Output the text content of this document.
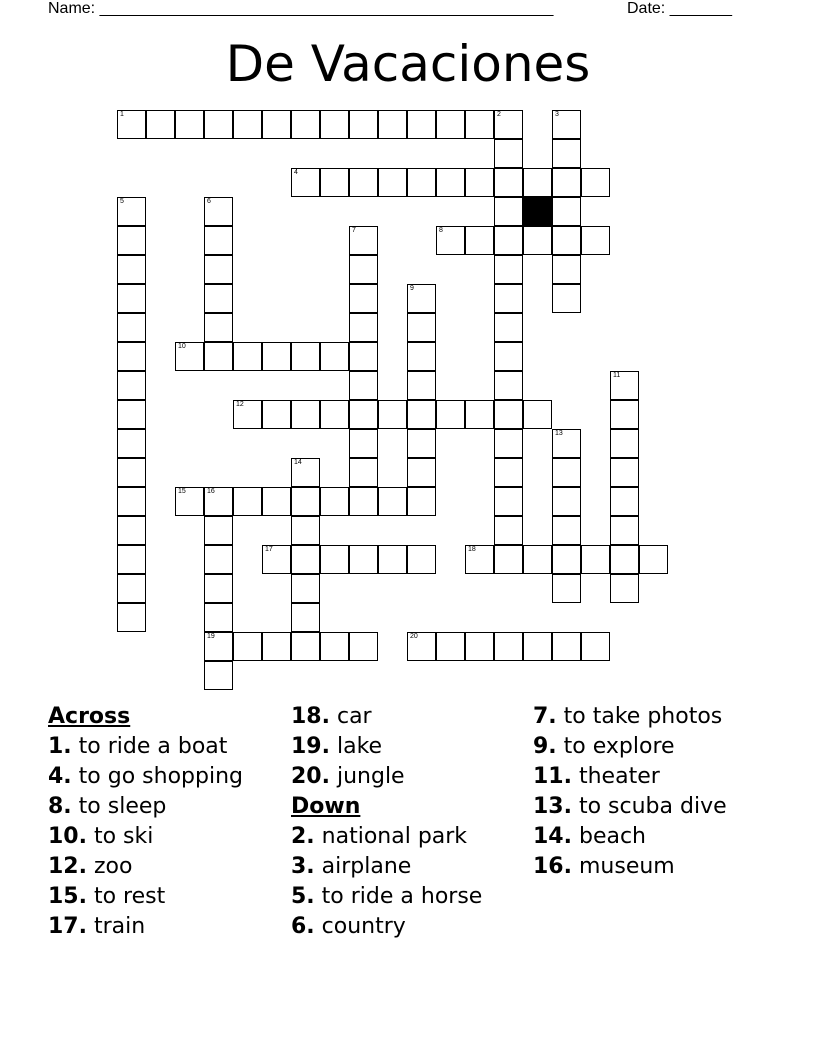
Name: ___________________________________________________	Date: _______
De Vacaciones
1	2	3
4
5	6
7	8
9
10
11
12
13
14
15	16
17	18
19	20
Across
1. to ride a boat
4. to go shopping
8. to sleep
10. to ski
12. zoo
15. to rest
17. train
18. car
19. lake
20. jungle
Down
2. national park
3. airplane
5. to ride a horse
6. country
7. to take photos
9. to explore
11. theater
13. to scuba dive
14. beach
16. museum
